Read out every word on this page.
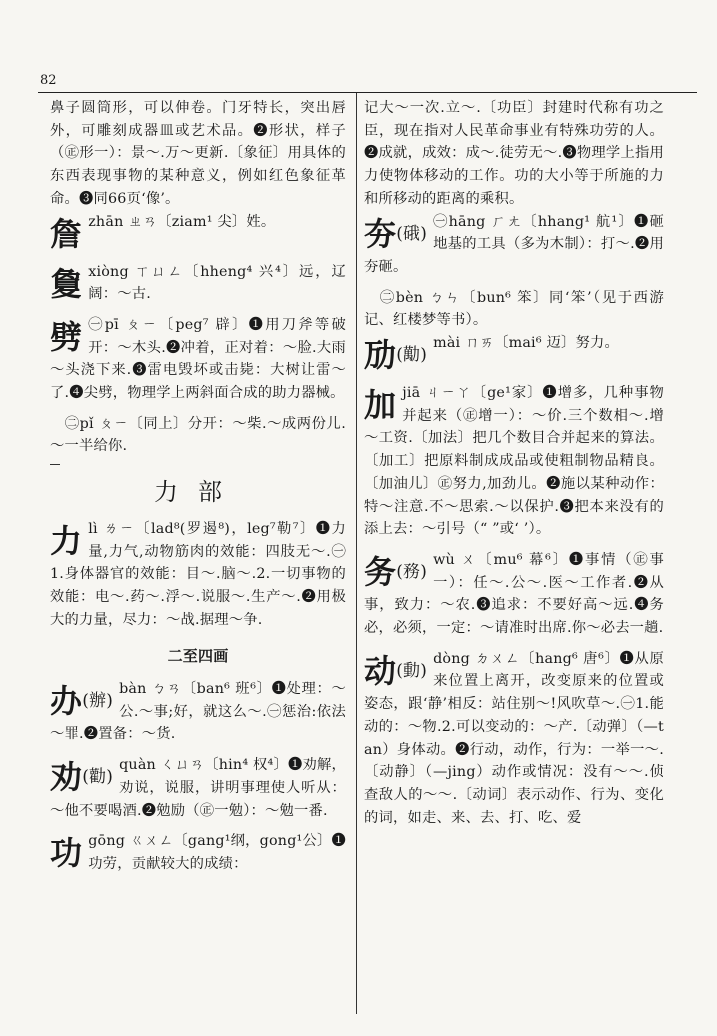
82

鼻子圆筒形，可以伸卷。门牙特长，突出唇外，可雕刻成器皿或艺术品。❷形状，样子（㊣形一）：景～.万～更新.〔象征〕用具体的东西表现事物的某种意义，例如红色象征革命。❸同66页‘像’。

詹 zhān ㄓㄢ〔ziam¹ 尖〕姓。

敻 xiòng ㄒㄩㄥ〔hheng⁴ 兴⁴〕远，辽阔：～古.

劈 ㊀pī ㄆㄧ〔peg⁷ 辟〕❶用刀斧等破开：～木头.❷冲着，正对着：～脸.大雨～头浇下来.❸雷电毁坏或击毙：大树让雷～了.❹尖劈，物理学上两斜面合成的助力器械。

　㊁pǐ ㄆㄧ〔同上〕分开：～柴.～成两份儿.～一半给你.

力部
力 lì ㄌㄧ〔lad⁸(罗遏⁸)，leg⁷勒⁷〕❶力量,力气,动物筋肉的效能：四肢无～.㊀1.身体器官的效能：目～.脑～.2.一切事物的效能：电～.药～.浮～.说服～.生产～.❷用极大的力量，尽力：～战.据理～争.

二至四画
办(辦)

bàn ㄅㄢ〔ban⁶ 班⁶〕❶处理：～公.～事;好，就这么～.㊀惩治:依法～罪.❷置备：～货.

劝(勸)

quàn ㄑㄩㄢ〔hin⁴ 权⁴〕❶劝解，劝说，说服，讲明事理使人听从：～他不要喝酒.❷勉励（㊣一勉）：～勉一番.

功 gōng ㄍㄨㄥ〔gang¹纲，gong¹公〕❶功劳，贡献较大的成绩：

记大～一次.立～.〔功臣〕封建时代称有功之臣，现在指对人民革命事业有特殊功劳的人。❷成就，成效：成～.徒劳无～.❸物理学上指用力使物体移动的工作。功的大小等于所施的力和所移动的距离的乘积。

夯(硪)

㊀hāng ㄏㄤ〔hhang¹ 航¹〕❶砸地基的工具（多为木制）：打～.❷用夯砸。

　㊁bèn ㄅㄣ〔bun⁶ 笨〕同‘笨’（见于西游记、红楼梦等书）。

劢(勱)

mài ㄇㄞ〔mai⁶ 迈〕努力。

加 jiā ㄐㄧㄚ〔ge¹家〕❶增多，几种事物并起来（㊣增一）：～价.三个数相～.增～工资.〔加法〕把几个数目合并起来的算法。〔加工〕把原料制成成品或使粗制物品精良。〔加油儿〕㊣努力,加劲儿。❷施以某种动作：特～注意.不～思索.～以保护.❸把本来没有的添上去：～引号（“ ”或‘ ’）。

务(務)

wù ㄨ〔mu⁶ 幕⁶〕❶事情（㊣事一）：任～.公～.医～工作者.❷从事，致力：～农.❸追求：不要好高～远.❹务必，必须，一定：～请准时出席.你～必去一趟.

动(動)

dòng ㄉㄨㄥ〔hang⁶ 唐⁶〕❶从原来位置上离开，改变原来的位置或姿态，跟‘静’相反：站住别～!风吹草～.㊀1.能动的：～物.2.可以变动的：～产.〔动弹〕（—tan）身体动。❷行动，动作，行为：一举一～.〔动静〕（—jing）动作或情况：没有～～.侦查敌人的～～.〔动词〕表示动作、行为、变化的词，如走、来、去、打、吃、爱
